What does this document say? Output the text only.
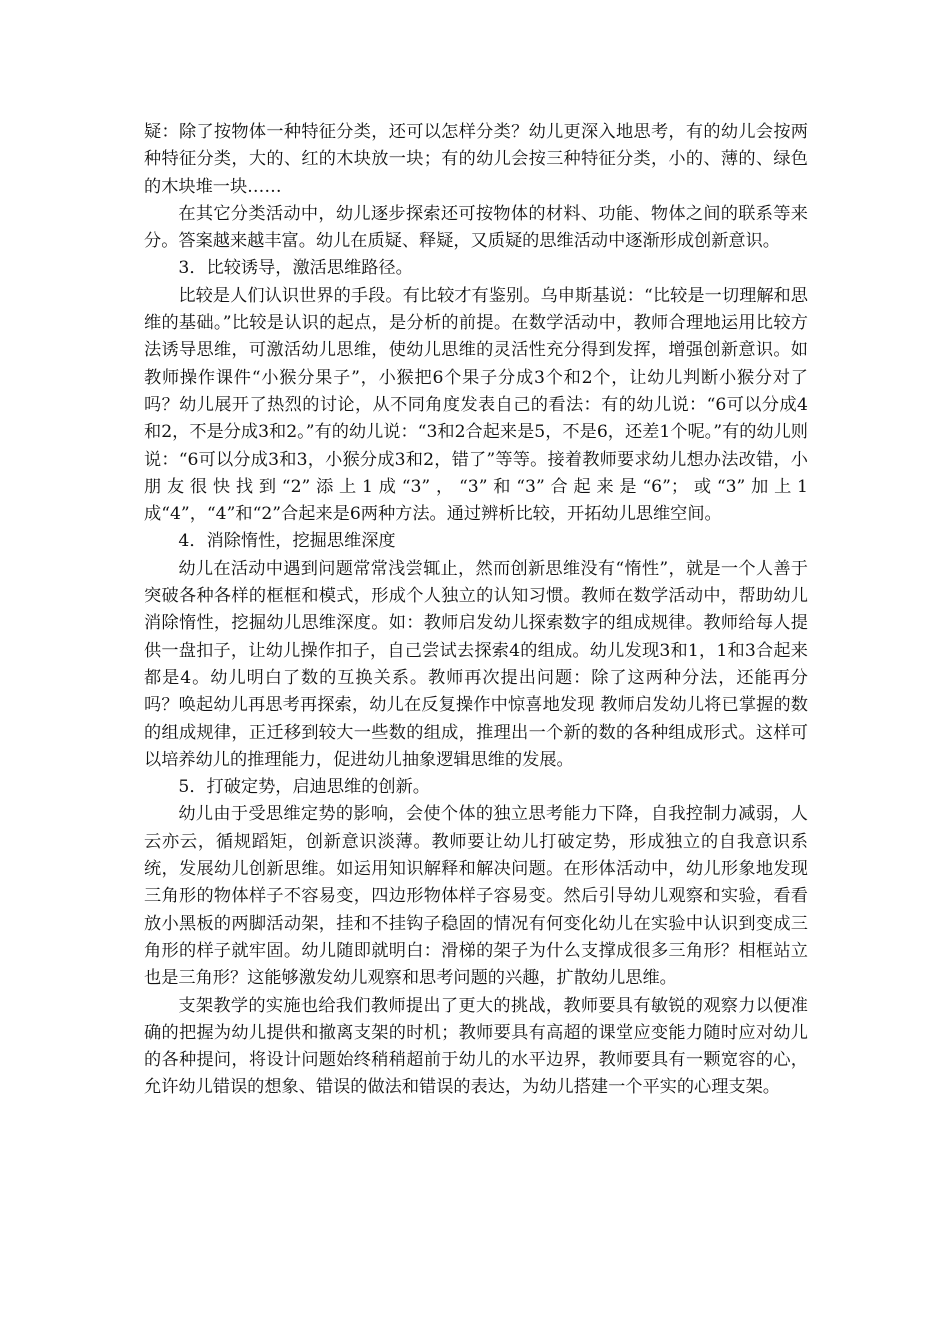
疑：除了按物体一种特征分类，还可以怎样分类？幼儿更深入地思考，有的幼儿会按两种特征分类，大的、红的木块放一块；有的幼儿会按三种特征分类，小的、薄的、绿色的木块堆一块……

在其它分类活动中，幼儿逐步探索还可按物体的材料、功能、物体之间的联系等来分。答案越来越丰富。幼儿在质疑、释疑，又质疑的思维活动中逐渐形成创新意识。

3．比较诱导，激活思维路径。

比较是人们认识世界的手段。有比较才有鉴别。乌申斯基说：“比较是一切理解和思维的基础。”比较是认识的起点，是分析的前提。在数学活动中，教师合理地运用比较方法诱导思维，可激活幼儿思维，使幼儿思维的灵活性充分得到发挥，增强创新意识。如教师操作课件“小猴分果子”，小猴把6个果子分成3个和2个，让幼儿判断小猴分对了吗？幼儿展开了热烈的讨论，从不同角度发表自己的看法：有的幼儿说：“6可以分成4和2，不是分成3和2。”有的幼儿说：“3和2合起来是5，不是6，还差1个呢。”有的幼儿则说：“6可以分成3和3，小猴分成3和2，错了”等等。接着教师要求幼儿想办法改错，小朋友很快找到“2”添上1成“3”，“3”和“3”合起来是“6”；或“3”加上1成“4”，“4”和“2”合起来是6两种方法。通过辨析比较，开拓幼儿思维空间。

4．消除惰性，挖掘思维深度

幼儿在活动中遇到问题常常浅尝辄止，然而创新思维没有“惰性”，就是一个人善于突破各种各样的框框和模式，形成个人独立的认知习惯。教师在数学活动中，帮助幼儿消除惰性，挖掘幼儿思维深度。如：教师启发幼儿探索数字的组成规律。教师给每人提供一盘扣子，让幼儿操作扣子，自己尝试去探索4的组成。幼儿发现3和1，1和3合起来都是4。幼儿明白了数的互换关系。教师再次提出问题：除了这两种分法，还能再分吗？唤起幼儿再思考再探索，幼儿在反复操作中惊喜地发现 教师启发幼儿将已掌握的数的组成规律，正迁移到较大一些数的组成，推理出一个新的数的各种组成形式。这样可以培养幼儿的推理能力，促进幼儿抽象逻辑思维的发展。

5．打破定势，启迪思维的创新。

幼儿由于受思维定势的影响，会使个体的独立思考能力下降，自我控制力减弱，人云亦云，循规蹈矩，创新意识淡薄。教师要让幼儿打破定势，形成独立的自我意识系统，发展幼儿创新思维。如运用知识解释和解决问题。在形体活动中，幼儿形象地发现三角形的物体样子不容易变，四边形物体样子容易变。然后引导幼儿观察和实验，看看放小黑板的两脚活动架，挂和不挂钩子稳固的情况有何变化幼儿在实验中认识到变成三角形的样子就牢固。幼儿随即就明白：滑梯的架子为什么支撑成很多三角形？相框站立也是三角形？这能够激发幼儿观察和思考问题的兴趣，扩散幼儿思维。

支架教学的实施也给我们教师提出了更大的挑战，教师要具有敏锐的观察力以便准确的把握为幼儿提供和撤离支架的时机；教师要具有高超的课堂应变能力随时应对幼儿的各种提问，将设计问题始终稍稍超前于幼儿的水平边界，教师要具有一颗宽容的心，允许幼儿错误的想象、错误的做法和错误的表达，为幼儿搭建一个平实的心理支架。
